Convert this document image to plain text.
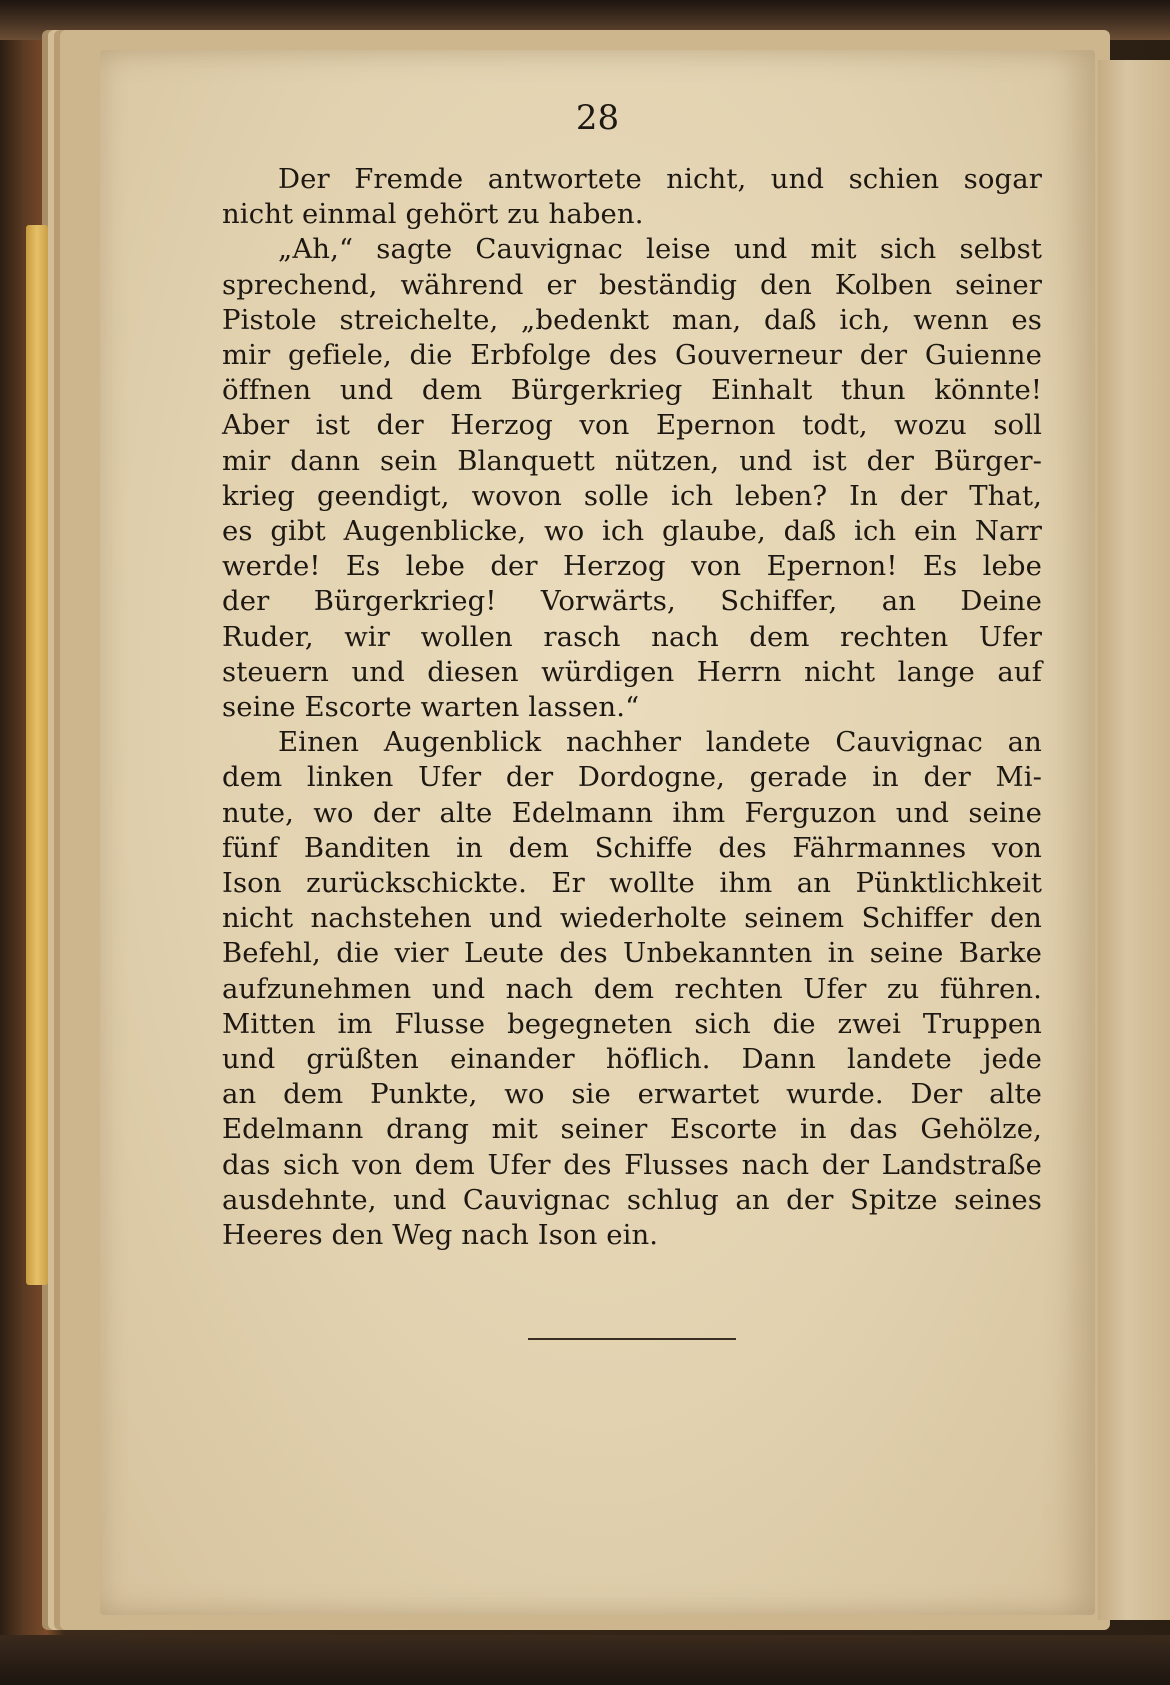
28
Der Fremde antwortete nicht, und schien sogar
nicht einmal gehört zu haben.
„Ah,“ sagte Cauvignac leise und mit sich selbst
sprechend, während er beständig den Kolben seiner
Pistole streichelte, „bedenkt man, daß ich, wenn es
mir gefiele, die Erbfolge des Gouverneur der Guienne
öffnen und dem Bürgerkrieg Einhalt thun könnte!
Aber ist der Herzog von Epernon todt, wozu soll
mir dann sein Blanquett nützen, und ist der Bürger-
krieg geendigt, wovon solle ich leben? In der That,
es gibt Augenblicke, wo ich glaube, daß ich ein Narr
werde! Es lebe der Herzog von Epernon! Es lebe
der Bürgerkrieg! Vorwärts, Schiffer, an Deine
Ruder, wir wollen rasch nach dem rechten Ufer
steuern und diesen würdigen Herrn nicht lange auf
seine Escorte warten lassen.“
Einen Augenblick nachher landete Cauvignac an
dem linken Ufer der Dordogne, gerade in der Mi-
nute, wo der alte Edelmann ihm Ferguzon und seine
fünf Banditen in dem Schiffe des Fährmannes von
Ison zurückschickte. Er wollte ihm an Pünktlichkeit
nicht nachstehen und wiederholte seinem Schiffer den
Befehl, die vier Leute des Unbekannten in seine Barke
aufzunehmen und nach dem rechten Ufer zu führen.
Mitten im Flusse begegneten sich die zwei Truppen
und grüßten einander höflich. Dann landete jede
an dem Punkte, wo sie erwartet wurde. Der alte
Edelmann drang mit seiner Escorte in das Gehölze,
das sich von dem Ufer des Flusses nach der Landstraße
ausdehnte, und Cauvignac schlug an der Spitze seines
Heeres den Weg nach Ison ein.
